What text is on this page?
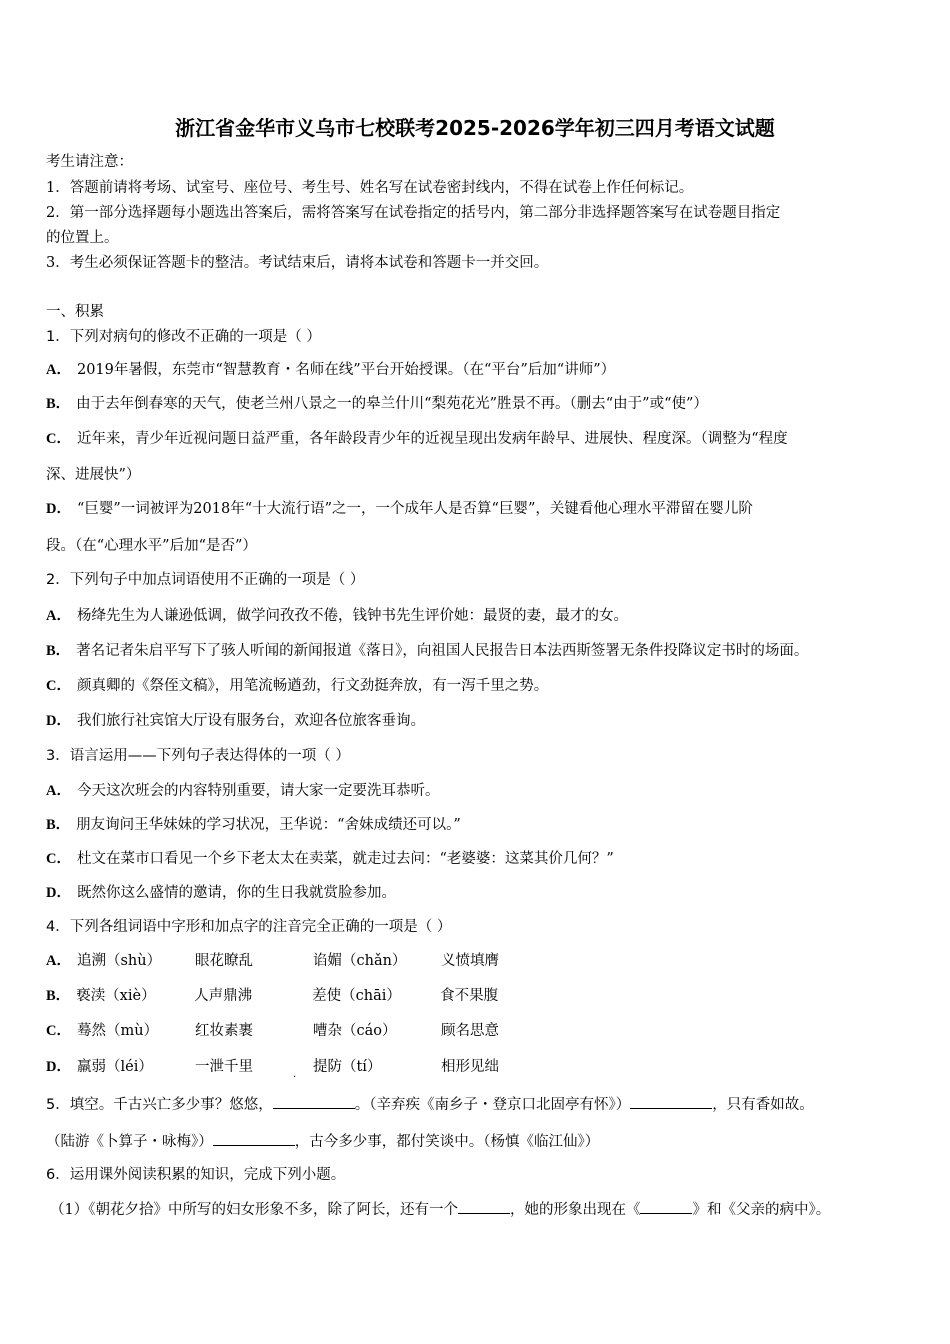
浙江省金华市义乌市七校联考2025-2026学年初三四月考语文试题
考生请注意：
1．答题前请将考场、试室号、座位号、考生号、姓名写在试卷密封线内，不得在试卷上作任何标记。
2．第一部分选择题每小题选出答案后，需将答案写在试卷指定的括号内，第二部分非选择题答案写在试卷题目指定
的位置上。
3．考生必须保证答题卡的整洁。考试结束后，请将本试卷和答题卡一并交回。
一、积累
1．下列对病句的修改不正确的一项是（ ）
A． 2019年暑假，东莞市“智慧教育・名师在线”平台开始授课。（在“平台”后加“讲师”）
B． 由于去年倒春寒的天气，使老兰州八景之一的皋兰什川“梨苑花光”胜景不再。（删去“由于”或“使”）
C． 近年来，青少年近视问题日益严重，各年龄段青少年的近视呈现出发病年龄早、进展快、程度深。（调整为“程度
深、进展快”）
D． “巨婴”一词被评为2018年“十大流行语”之一，一个成年人是否算“巨婴”，关键看他心理水平滞留在婴儿阶
段。（在“心理水平”后加“是否”）
2．下列句子中加点词语使用不正确的一项是（ ）
A． 杨绛先生为人谦逊低调，做学问孜孜不倦，钱钟书先生评价她：最贤的妻，最才的女。
B． 著名记者朱启平写下了骇人听闻的新闻报道《落日》，向祖国人民报告日本法西斯签署无条件投降议定书时的场面。
C． 颜真卿的《祭侄文稿》，用笔流畅遒劲，行文劲挺奔放，有一泻千里之势。
D． 我们旅行社宾馆大厅设有服务台，欢迎各位旅客垂询。
3．语言运用——下列句子表达得体的一项（ ）
A． 今天这次班会的内容特别重要，请大家一定要洗耳恭听。
B． 朋友询问王华妹妹的学习状况，王华说：“舍妹成绩还可以。”
C． 杜文在菜市口看见一个乡下老太太在卖菜，就走过去问：“老婆婆：这菜其价几何？”
D． 既然你这么盛情的邀请，你的生日我就赏脸参加。
4．下列各组词语中字形和加点字的注音完全正确的一项是（ ）
A． 追溯（shù） 眼花瞭乱	谄媚（chǎn） 义愤填膺
B． 亵渎（xiè）	人声鼎沸	差使（chāi）	食不果腹
C． 蓦然（mù）	红妆素裹	嘈杂（cáo）	顾名思意
D． 羸弱（léi）	一泄千里	提防（tí）	相形见绌
·
5．填空。千古兴亡多少事？悠悠，	。（辛弃疾《南乡子・登京口北固亭有怀》）	，只有香如故。
（陆游《卜算子・咏梅》）	，古今多少事，都付笑谈中。（杨慎《临江仙》）
6．运用课外阅读积累的知识，完成下列小题。
（1）《朝花夕拾》中所写的妇女形象不多，除了阿长，还有一个	，她的形象出现在《	》和《父亲的病中》。
